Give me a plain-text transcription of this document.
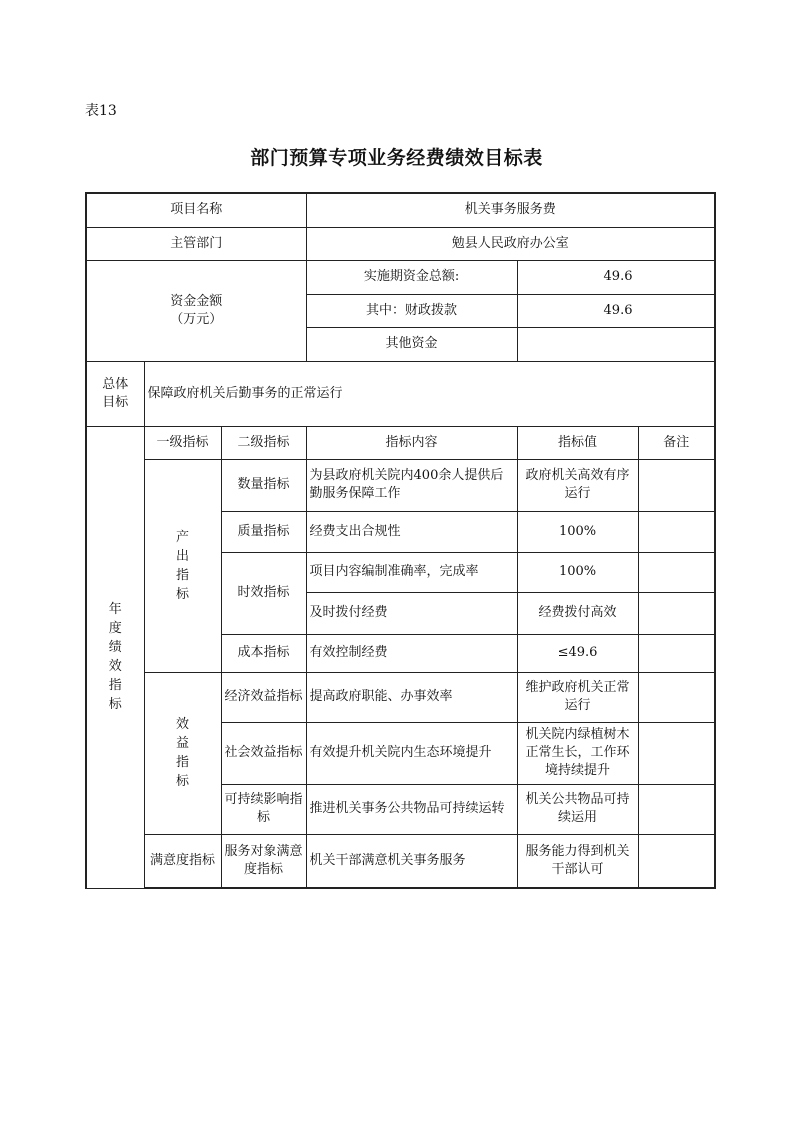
表13
部门预算专项业务经费绩效目标表
项目名称			机关事务服务费		
主管部门			勉县人民政府办公室		

资金金额
（万元）			实施期资金总额:	49.6	
			其中：财政拨款	49.6	
			其他资金		

总体目标	保障政府机关后勤事务的正常运行				
年度绩效指标	一级指标	二级指标	指标内容	指标值	备注
	产出指标	数量指标	为县政府机关院内400余人提供后勤服务保障工作	政府机关高效有序运行	
		质量指标	经费支出合规性	100%	
		时效指标	项目内容编制准确率，完成率	100%	
			及时拨付经费	经费拨付高效	
		成本指标	有效控制经费	≤49.6	
	效益指标	经济效益指标	提高政府职能、办事效率	维护政府机关正常运行	
		社会效益指标	有效提升机关院内生态环境提升	机关院内绿植树木正常生长，工作环境持续提升	
		可持续影响指标	推进机关事务公共物品可持续运转	机关公共物品可持续运用	
	满意度指标	服务对象满意度指标	机关干部满意机关事务服务	服务能力得到机关干部认可	
